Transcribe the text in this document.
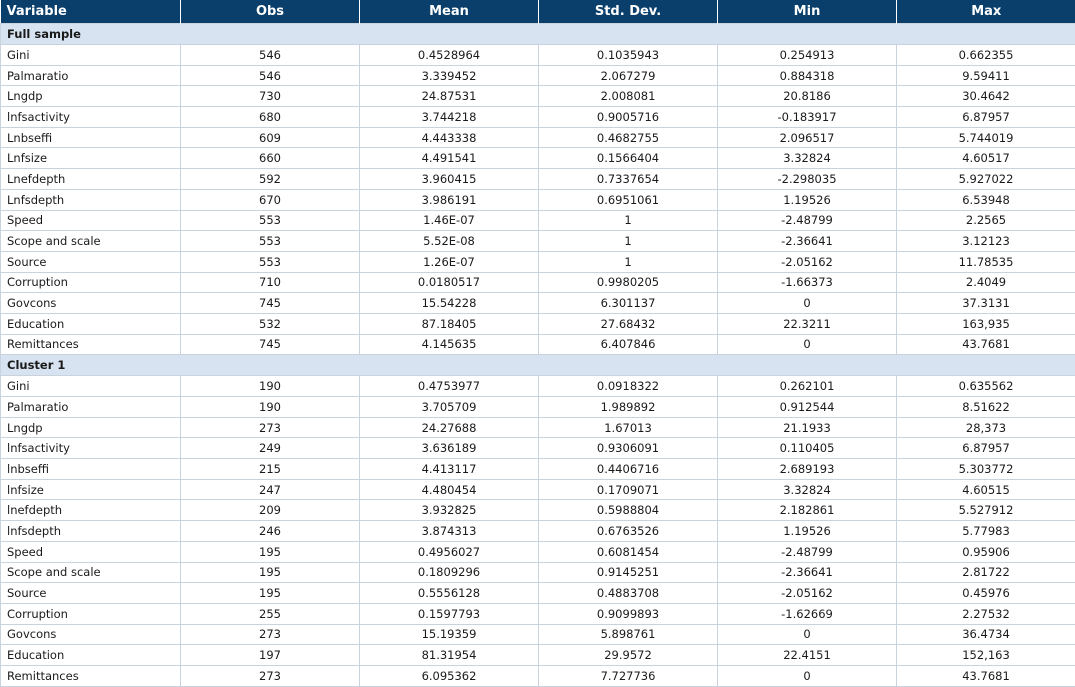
Variable	Obs	Mean	Std. Dev.	Min	Max
Full sample					
Gini	546	0.4528964	0.1035943	0.254913	0.662355
Palmaratio	546	3.339452	2.067279	0.884318	9.59411
Lngdp	730	24.87531	2.008081	20.8186	30.4642
lnfsactivity	680	3.744218	0.9005716	-0.183917	6.87957
Lnbseffi	609	4.443338	0.4682755	2.096517	5.744019
Lnfsize	660	4.491541	0.1566404	3.32824	4.60517
Lnefdepth	592	3.960415	0.7337654	-2.298035	5.927022
Lnfsdepth	670	3.986191	0.6951061	1.19526	6.53948
Speed	553	1.46E-07	1	-2.48799	2.2565
Scope and scale	553	5.52E-08	1	-2.36641	3.12123
Source	553	1.26E-07	1	-2.05162	11.78535
Corruption	710	0.0180517	0.9980205	-1.66373	2.4049
Govcons	745	15.54228	6.301137	0	37.3131
Education	532	87.18405	27.68432	22.3211	163,935
Remittances	745	4.145635	6.407846	0	43.7681
Cluster 1					
Gini	190	0.4753977	0.0918322	0.262101	0.635562
Palmaratio	190	3.705709	1.989892	0.912544	8.51622
Lngdp	273	24.27688	1.67013	21.1933	28,373
lnfsactivity	249	3.636189	0.9306091	0.110405	6.87957
lnbseffi	215	4.413117	0.4406716	2.689193	5.303772
lnfsize	247	4.480454	0.1709071	3.32824	4.60515
lnefdepth	209	3.932825	0.5988804	2.182861	5.527912
lnfsdepth	246	3.874313	0.6763526	1.19526	5.77983
Speed	195	0.4956027	0.6081454	-2.48799	0.95906
Scope and scale	195	0.1809296	0.9145251	-2.36641	2.81722
Source	195	0.5556128	0.4883708	-2.05162	0.45976
Corruption	255	0.1597793	0.9099893	-1.62669	2.27532
Govcons	273	15.19359	5.898761	0	36.4734
Education	197	81.31954	29.9572	22.4151	152,163
Remittances	273	6.095362	7.727736	0	43.7681
